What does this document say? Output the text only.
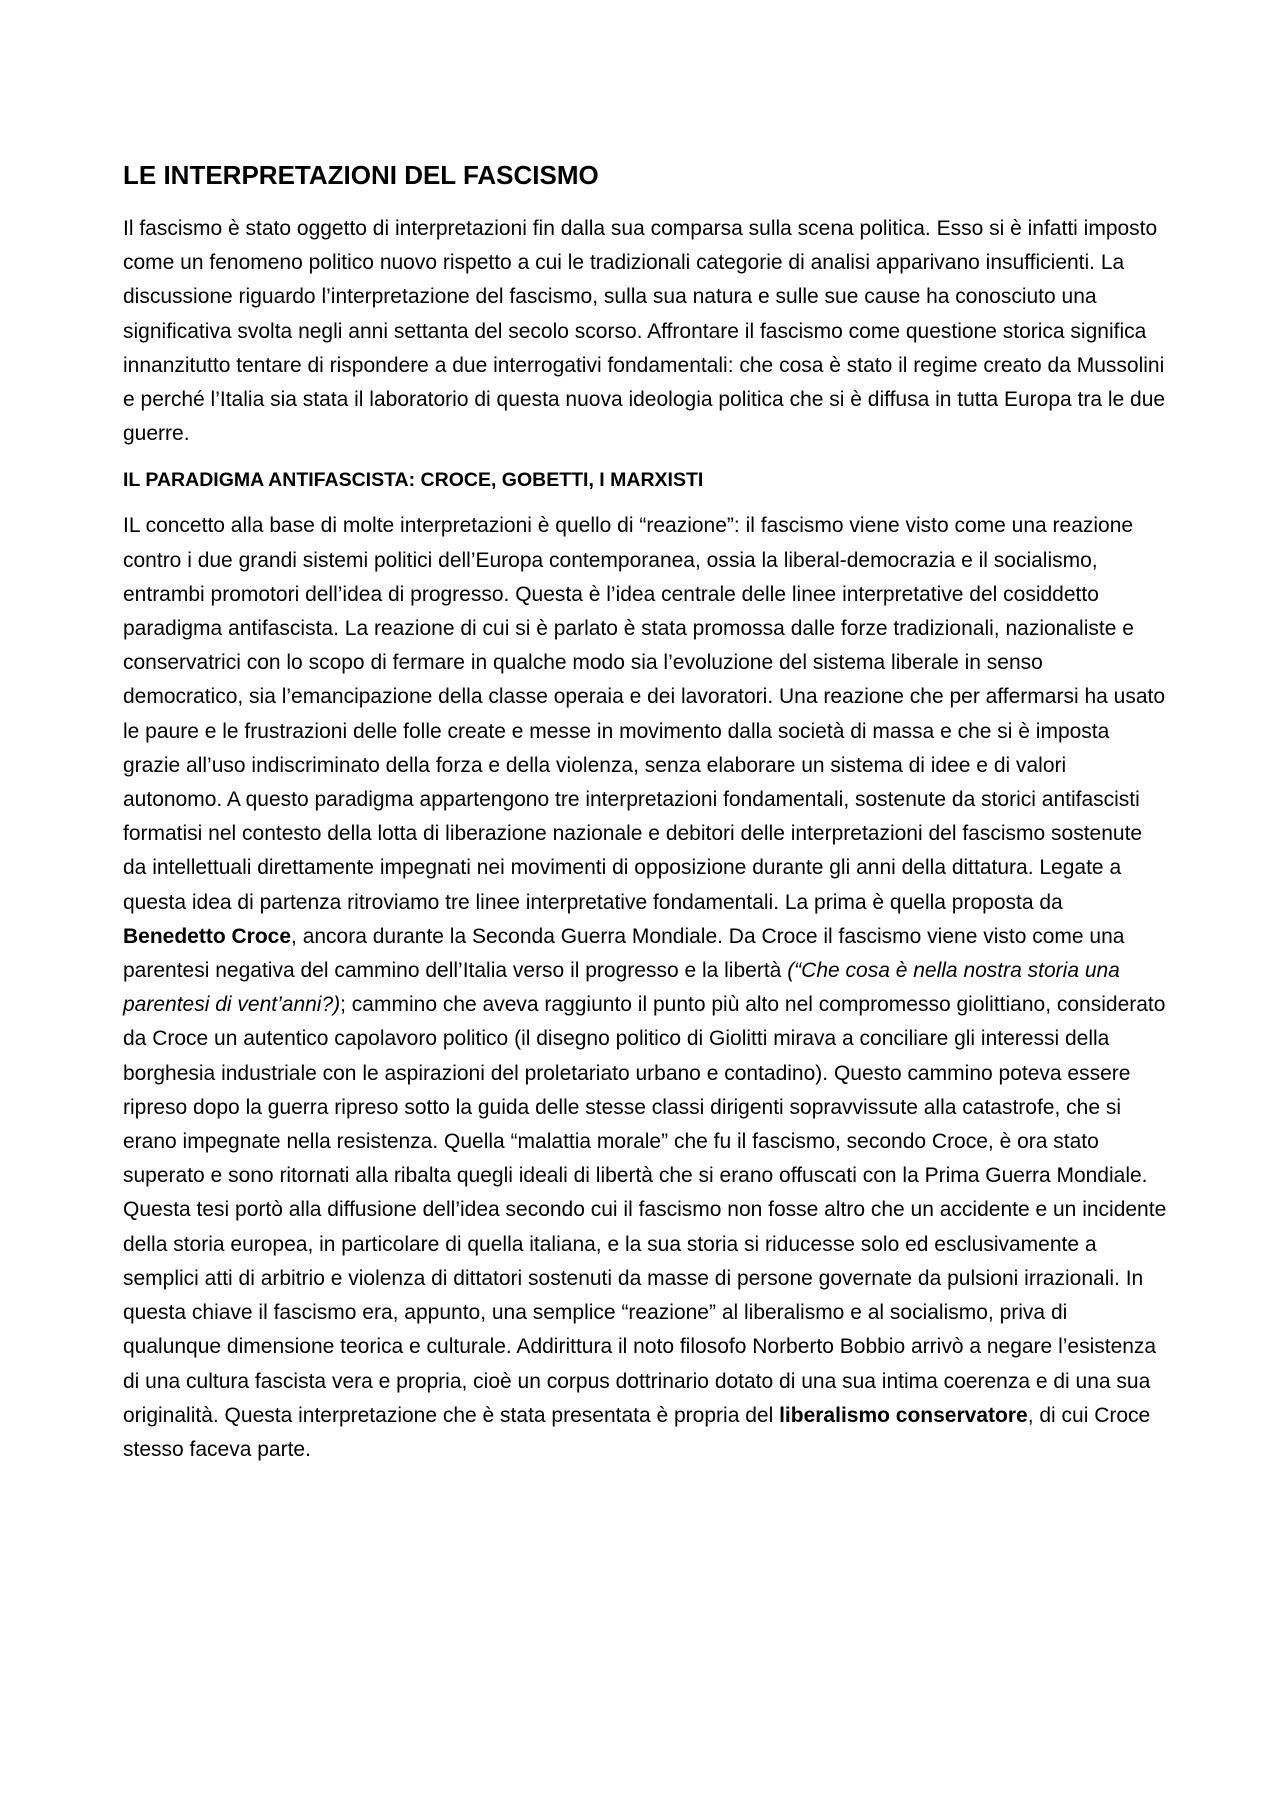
LE INTERPRETAZIONI DEL FASCISMO

Il fascismo è stato oggetto di interpretazioni fin dalla sua comparsa sulla scena politica. Esso si è infatti imposto come un fenomeno politico nuovo rispetto a cui le tradizionali categorie di analisi apparivano insufficienti. La discussione riguardo l’interpretazione del fascismo, sulla sua natura e sulle sue cause ha conosciuto una significativa svolta negli anni settanta del secolo scorso. Affrontare il fascismo come questione storica significa innanzitutto tentare di rispondere a due interrogativi fondamentali: che cosa è stato il regime creato da Mussolini e perché l’Italia sia stata il laboratorio di questa nuova ideologia politica che si è diffusa in tutta Europa tra le due guerre.

IL PARADIGMA ANTIFASCISTA: CROCE, GOBETTI, I MARXISTI

IL concetto alla base di molte interpretazioni è quello di “reazione”: il fascismo viene visto come una reazione contro i due grandi sistemi politici dell’Europa contemporanea, ossia la liberal-democrazia e il socialismo, entrambi promotori dell’idea di progresso. Questa è l’idea centrale delle linee interpretative del cosiddetto paradigma antifascista. La reazione di cui si è parlato è stata promossa dalle forze tradizionali, nazionaliste e conservatrici con lo scopo di fermare in qualche modo sia l’evoluzione del sistema liberale in senso democratico, sia l’emancipazione della classe operaia e dei lavoratori. Una reazione che per affermarsi ha usato le paure e le frustrazioni delle folle create e messe in movimento dalla società di massa e che si è imposta grazie all’uso indiscriminato della forza e della violenza, senza elaborare un sistema di idee e di valori autonomo. A questo paradigma appartengono tre interpretazioni fondamentali, sostenute da storici antifascisti formatisi nel contesto della lotta di liberazione nazionale e debitori delle interpretazioni del fascismo sostenute da intellettuali direttamente impegnati nei movimenti di opposizione durante gli anni della dittatura. Legate a questa idea di partenza ritroviamo tre linee interpretative fondamentali. La prima è quella proposta da Benedetto Croce, ancora durante la Seconda Guerra Mondiale. Da Croce il fascismo viene visto come una parentesi negativa del cammino dell’Italia verso il progresso e la libertà (“Che cosa è nella nostra storia una parentesi di vent’anni?); cammino che aveva raggiunto il punto più alto nel compromesso giolittiano, considerato da Croce un autentico capolavoro politico (il disegno politico di Giolitti mirava a conciliare gli interessi della borghesia industriale con le aspirazioni del proletariato urbano e contadino). Questo cammino poteva essere ripreso dopo la guerra ripreso sotto la guida delle stesse classi dirigenti sopravvissute alla catastrofe, che si erano impegnate nella resistenza. Quella “malattia morale” che fu il fascismo, secondo Croce, è ora stato superato e sono ritornati alla ribalta quegli ideali di libertà che si erano offuscati con la Prima Guerra Mondiale. Questa tesi portò alla diffusione dell’idea secondo cui il fascismo non fosse altro che un accidente e un incidente della storia europea, in particolare di quella italiana, e la sua storia si riducesse solo ed esclusivamente a semplici atti di arbitrio e violenza di dittatori sostenuti da masse di persone governate da pulsioni irrazionali. In questa chiave il fascismo era, appunto, una semplice “reazione” al liberalismo e al socialismo, priva di qualunque dimensione teorica e culturale. Addirittura il noto filosofo Norberto Bobbio arrivò a negare l’esistenza di una cultura fascista vera e propria, cioè un corpus dottrinario dotato di una sua intima coerenza e di una sua originalità. Questa interpretazione che è stata presentata è propria del liberalismo conservatore, di cui Croce stesso faceva parte.
